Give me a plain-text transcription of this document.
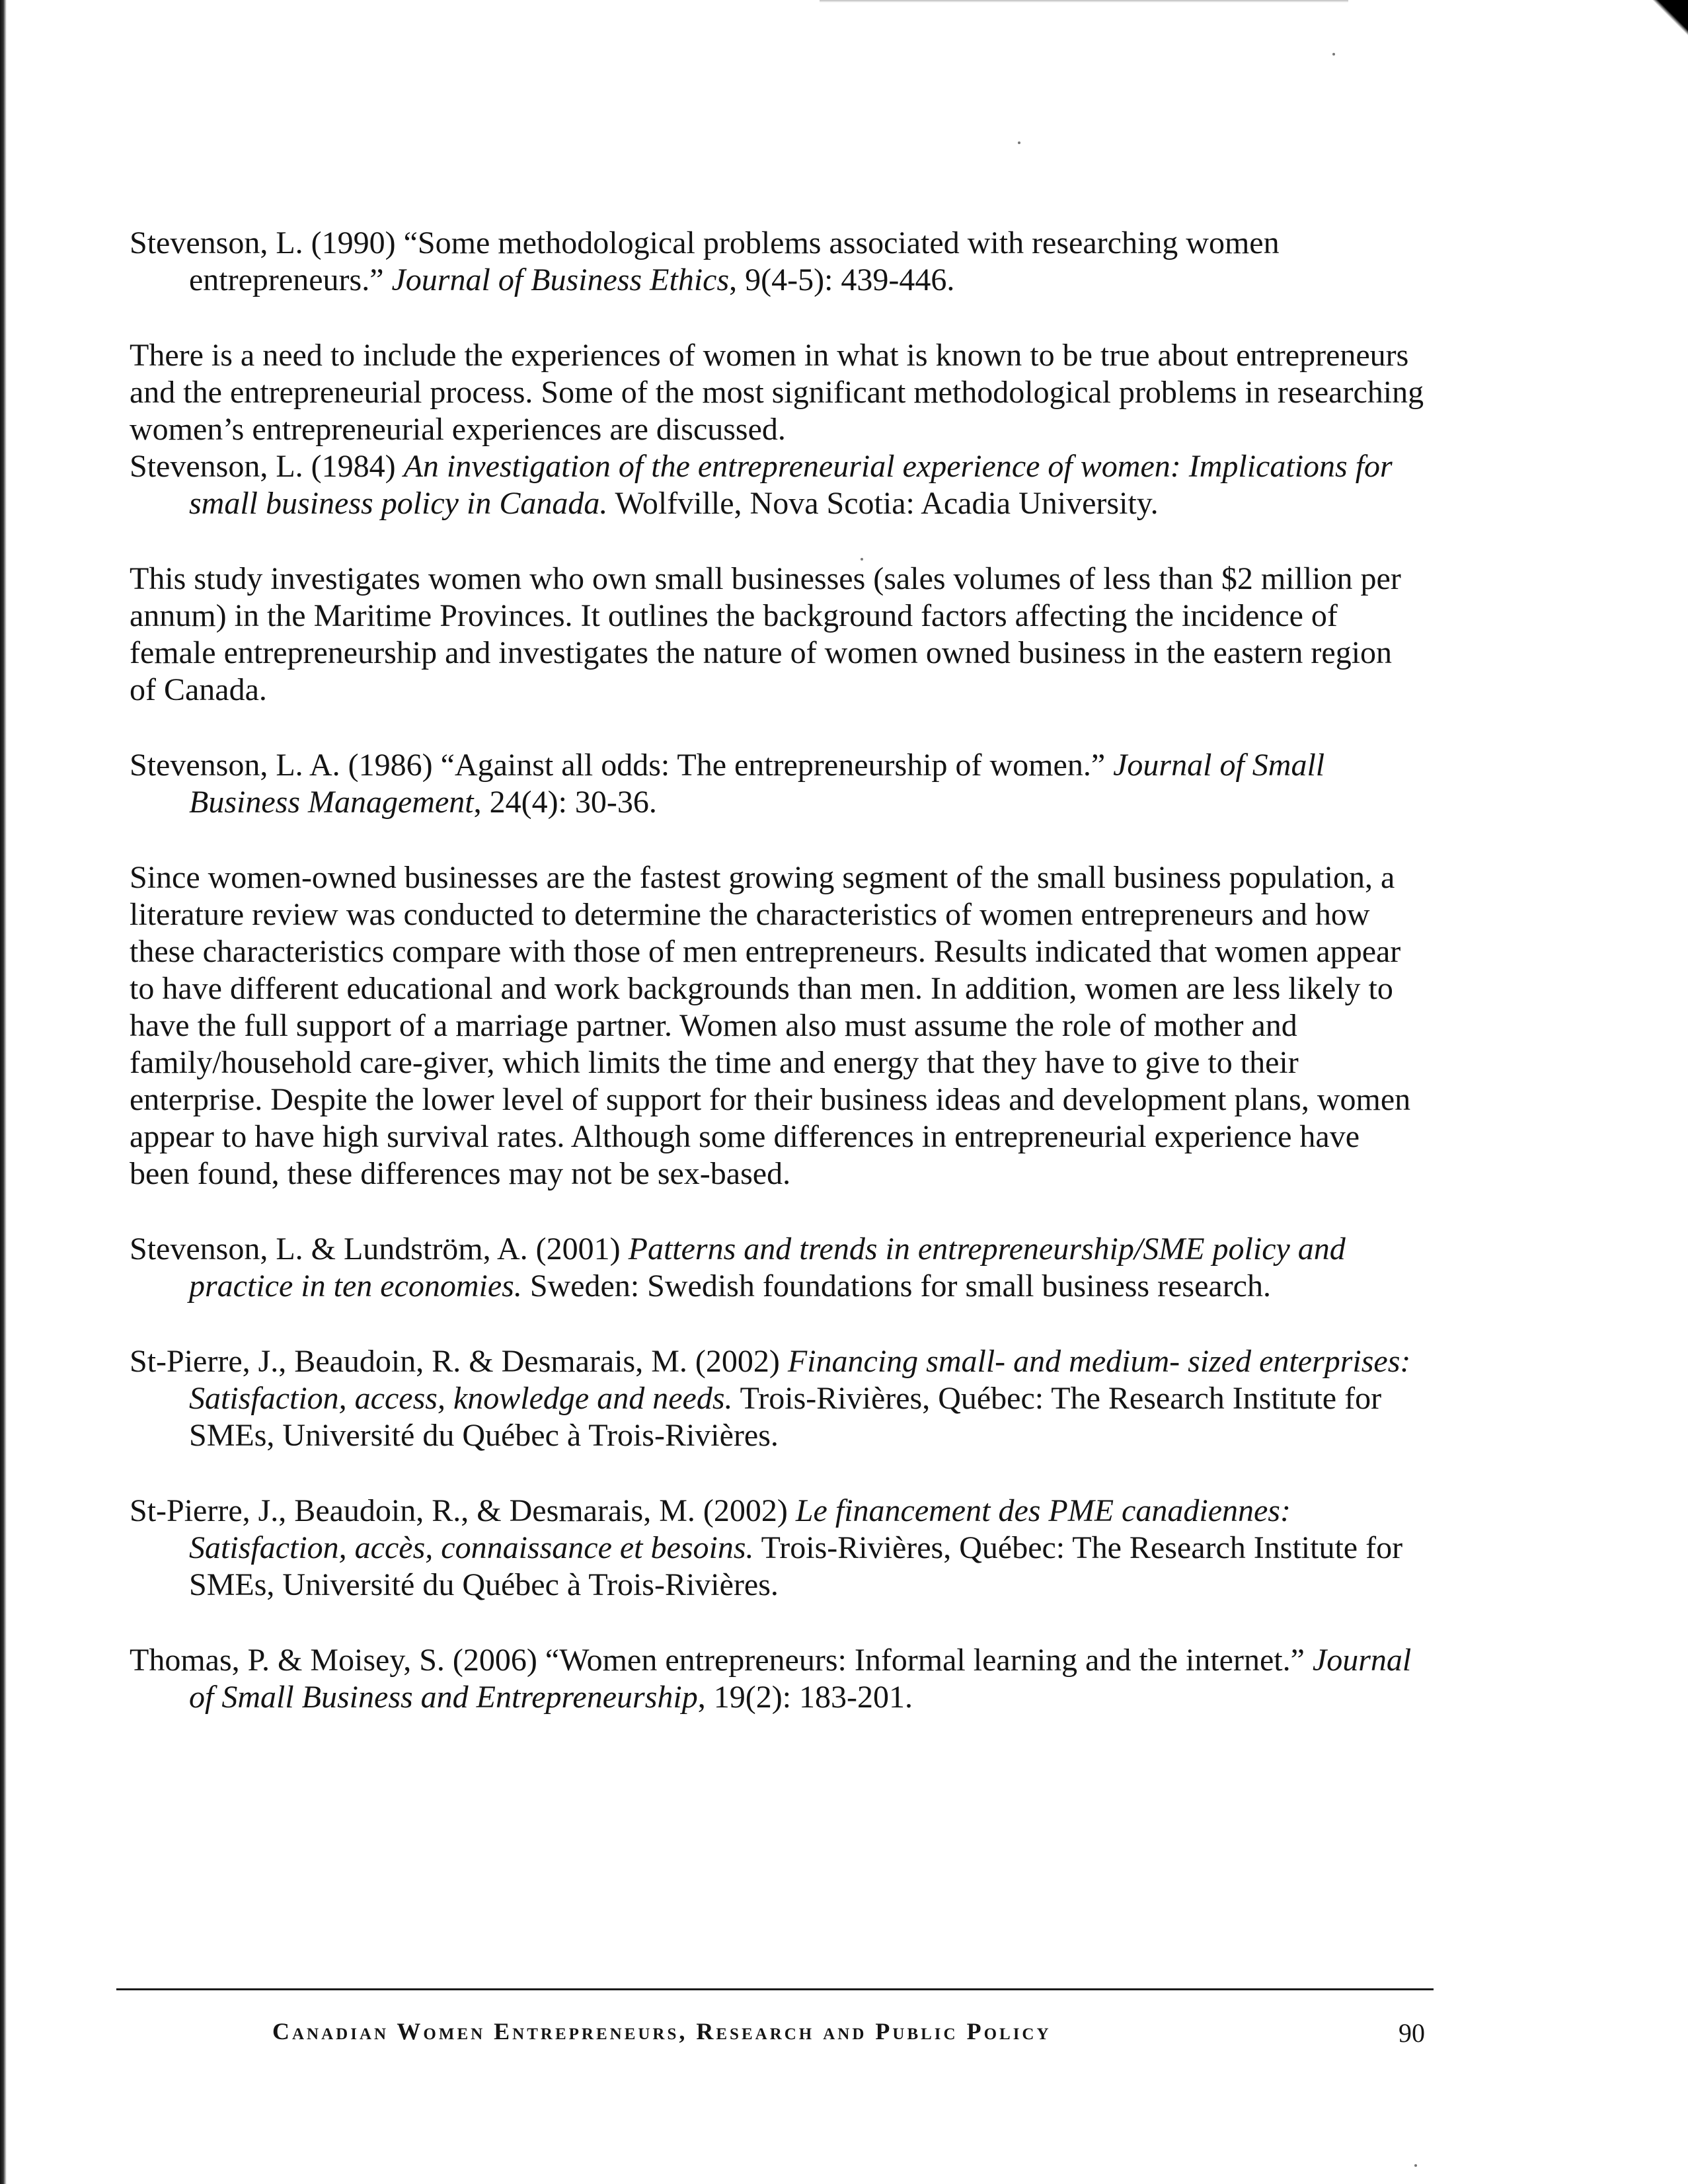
Stevenson, L. (1990) “Some methodological problems associated with researching women entrepreneurs.” Journal of Business Ethics, 9(4-5): 439-446.

There is a need to include the experiences of women in what is known to be true about entrepreneurs and the entrepreneurial process. Some of the most significant methodological problems in researching women’s entrepreneurial experiences are discussed.

Stevenson, L. (1984) An investigation of the entrepreneurial experience of women: Implications for small business policy in Canada. Wolfville, Nova Scotia: Acadia University.

This study investigates women who own small businesses (sales volumes of less than $2 million per annum) in the Maritime Provinces. It outlines the background factors affecting the incidence of female entrepreneurship and investigates the nature of women owned business in the eastern region of Canada.

Stevenson, L. A. (1986) “Against all odds: The entrepreneurship of women.” Journal of Small Business Management, 24(4): 30-36.

Since women-owned businesses are the fastest growing segment of the small business population, a literature review was conducted to determine the characteristics of women entrepreneurs and how these characteristics compare with those of men entrepreneurs. Results indicated that women appear to have different educational and work backgrounds than men. In addition, women are less likely to have the full support of a marriage partner. Women also must assume the role of mother and family/household care-giver, which limits the time and energy that they have to give to their enterprise. Despite the lower level of support for their business ideas and development plans, women appear to have high survival rates. Although some differences in entrepreneurial experience have been found, these differences may not be sex-based.

Stevenson, L. & Lundström, A. (2001) Patterns and trends in entrepreneurship/SME policy and practice in ten economies. Sweden: Swedish foundations for small business research.

St-Pierre, J., Beaudoin, R. & Desmarais, M. (2002) Financing small- and medium- sized enterprises: Satisfaction, access, knowledge and needs. Trois-Rivières, Québec: The Research Institute for SMEs, Université du Québec à Trois-Rivières.

St-Pierre, J., Beaudoin, R., & Desmarais, M. (2002) Le financement des PME canadiennes: Satisfaction, accès, connaissance et besoins. Trois-Rivières, Québec: The Research Institute for SMEs, Université du Québec à Trois-Rivières.

Thomas, P. & Moisey, S. (2006) “Women entrepreneurs: Informal learning and the internet.” Journal of Small Business and Entrepreneurship, 19(2): 183-201.

Canadian Women Entrepreneurs, Research and Public Policy	90
